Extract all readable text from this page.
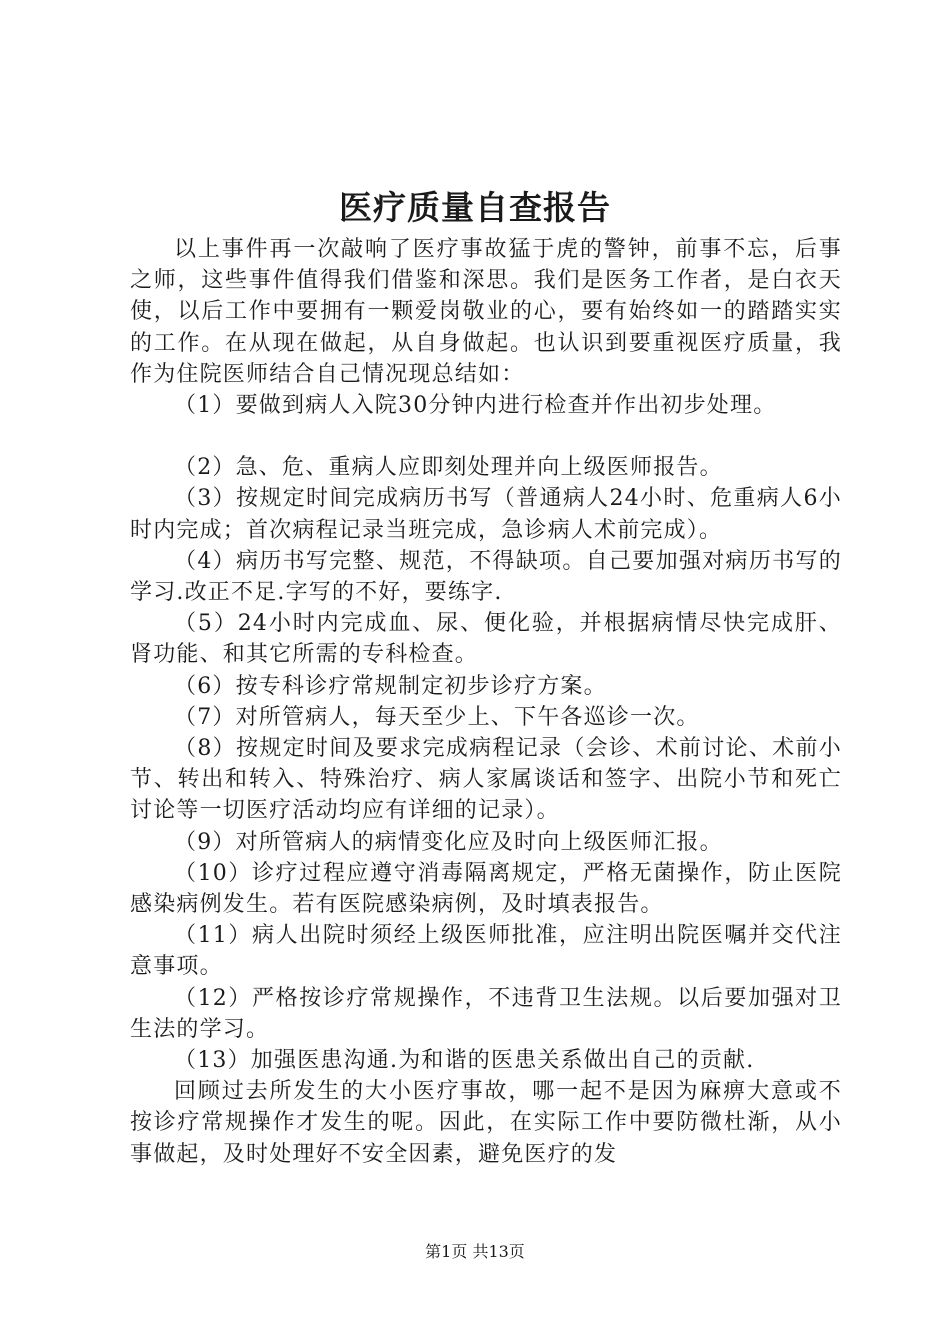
医疗质量自查报告

以上事件再一次敲响了医疗事故猛于虎的警钟，前事不忘，后事之师，这些事件值得我们借鉴和深思。我们是医务工作者，是白衣天使，以后工作中要拥有一颗爱岗敬业的心，要有始终如一的踏踏实实的工作。在从现在做起，从自身做起。也认识到要重视医疗质量，我作为住院医师结合自己情况现总结如：

（1）要做到病人入院30分钟内进行检查并作出初步处理。

（2）急、危、重病人应即刻处理并向上级医师报告。

（3）按规定时间完成病历书写（普通病人24小时、危重病人6小时内完成；首次病程记录当班完成，急诊病人术前完成）。

（4）病历书写完整、规范，不得缺项。自己要加强对病历书写的学习.改正不足.字写的不好，要练字.

（5）24小时内完成血、尿、便化验，并根据病情尽快完成肝、肾功能、和其它所需的专科检查。

（6）按专科诊疗常规制定初步诊疗方案。

（7）对所管病人，每天至少上、下午各巡诊一次。

（8）按规定时间及要求完成病程记录（会诊、术前讨论、术前小节、转出和转入、特殊治疗、病人家属谈话和签字、出院小节和死亡讨论等一切医疗活动均应有详细的记录）。

（9）对所管病人的病情变化应及时向上级医师汇报。

（10）诊疗过程应遵守消毒隔离规定，严格无菌操作，防止医院感染病例发生。若有医院感染病例，及时填表报告。

（11）病人出院时须经上级医师批准，应注明出院医嘱并交代注意事项。

（12）严格按诊疗常规操作，不违背卫生法规。以后要加强对卫生法的学习。

（13）加强医患沟通.为和谐的医患关系做出自己的贡献.

回顾过去所发生的大小医疗事故，哪一起不是因为麻痹大意或不按诊疗常规操作才发生的呢。因此，在实际工作中要防微杜渐，从小事做起，及时处理好不安全因素，避免医疗的发

第1页 共13页
